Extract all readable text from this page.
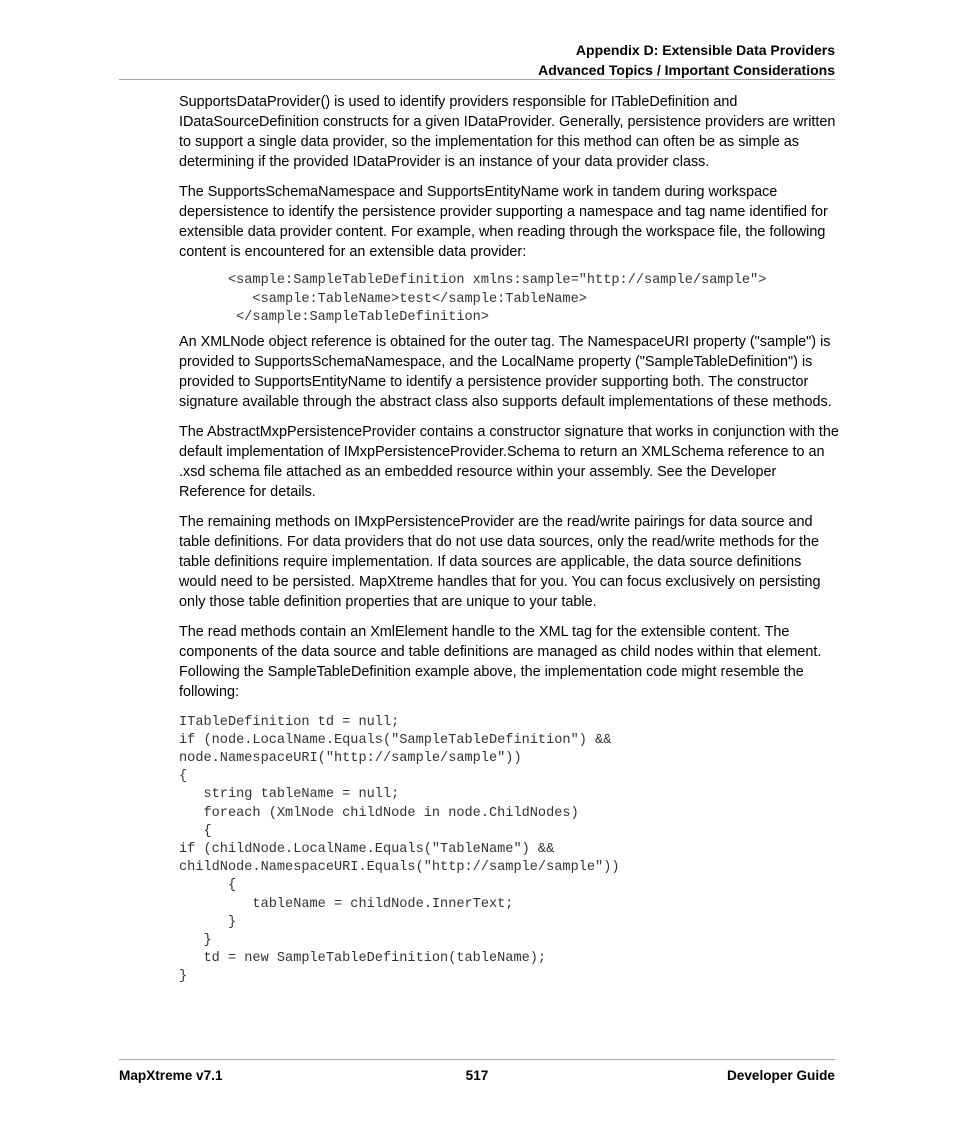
Appendix D: Extensible Data Providers
Advanced Topics / Important Considerations

SupportsDataProvider() is used to identify providers responsible for ITableDefinition and IDataSourceDefinition constructs for a given IDataProvider. Generally, persistence providers are written to support a single data provider, so the implementation for this method can often be as simple as determining if the provided IDataProvider is an instance of your data provider class.

The SupportsSchemaNamespace and SupportsEntityName work in tandem during workspace depersistence to identify the persistence provider supporting a namespace and tag name identified for extensible data provider content. For example, when reading through the workspace file, the following content is encountered for an extensible data provider:

<sample:SampleTableDefinition xmlns:sample="http://sample/sample">
<sample:TableName>test</sample:TableName>
</sample:SampleTableDefinition>

An XMLNode object reference is obtained for the outer tag. The NamespaceURI property ("sample") is provided to SupportsSchemaNamespace, and the LocalName property ("SampleTableDefinition") is provided to SupportsEntityName to identify a persistence provider supporting both. The constructor signature available through the abstract class also supports default implementations of these methods.

The AbstractMxpPersistenceProvider contains a constructor signature that works in conjunction with the default implementation of IMxpPersistenceProvider.Schema to return an XMLSchema reference to an .xsd schema file attached as an embedded resource within your assembly. See the Developer Reference for details.

The remaining methods on IMxpPersistenceProvider are the read/write pairings for data source and table definitions. For data providers that do not use data sources, only the read/write methods for the table definitions require implementation. If data sources are applicable, the data source definitions would need to be persisted. MapXtreme handles that for you. You can focus exclusively on persisting only those table definition properties that are unique to your table.

The read methods contain an XmlElement handle to the XML tag for the extensible content. The components of the data source and table definitions are managed as child nodes within that element. Following the SampleTableDefinition example above, the implementation code might resemble the following:

ITableDefinition td = null;
if (node.LocalName.Equals("SampleTableDefinition") &&
node.NamespaceURI("http://sample/sample"))
{
string tableName = null;
foreach (XmlNode childNode in node.ChildNodes)
{
if (childNode.LocalName.Equals("TableName") &&
childNode.NamespaceURI.Equals("http://sample/sample"))
{
tableName = childNode.InnerText;
}
}
td = new SampleTableDefinition(tableName);
}
MapXtreme v7.1	517	Developer Guide
